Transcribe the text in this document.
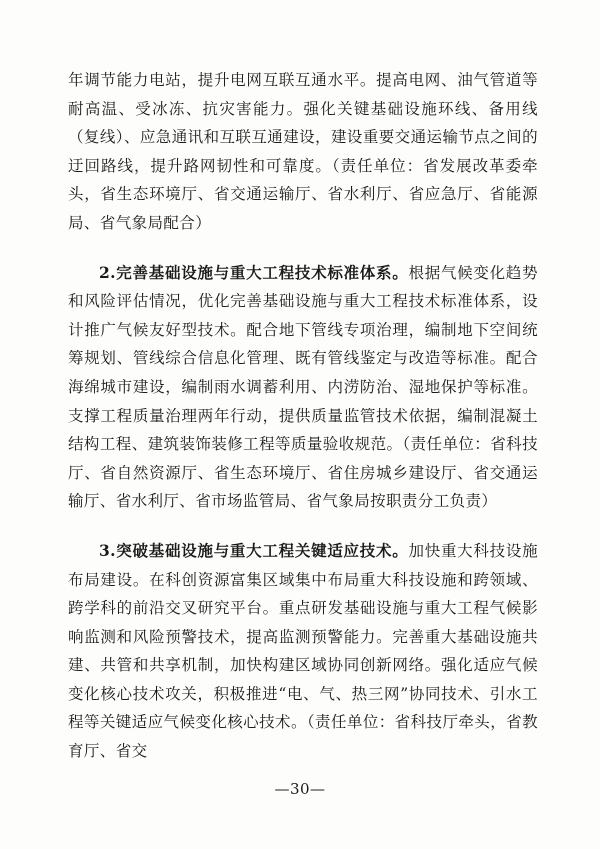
年调节能力电站，提升电网互联互通水平。提高电网、油气管道等耐高温、受冰冻、抗灾害能力。强化关键基础设施环线、备用线（复线）、应急通讯和互联互通建设，建设重要交通运输节点之间的迂回路线，提升路网韧性和可靠度。（责任单位：省发展改革委牵头，省生态环境厅、省交通运输厅、省水利厅、省应急厅、省能源局、省气象局配合）

2.完善基础设施与重大工程技术标准体系。根据气候变化趋势和风险评估情况，优化完善基础设施与重大工程技术标准体系，设计推广气候友好型技术。配合地下管线专项治理，编制地下空间统筹规划、管线综合信息化管理、既有管线鉴定与改造等标准。配合海绵城市建设，编制雨水调蓄利用、内涝防治、湿地保护等标准。支撑工程质量治理两年行动，提供质量监管技术依据，编制混凝土结构工程、建筑装饰装修工程等质量验收规范。（责任单位：省科技厅、省自然资源厅、省生态环境厅、省住房城乡建设厅、省交通运输厅、省水利厅、省市场监管局、省气象局按职责分工负责）

3.突破基础设施与重大工程关键适应技术。加快重大科技设施布局建设。在科创资源富集区域集中布局重大科技设施和跨领域、跨学科的前沿交叉研究平台。重点研发基础设施与重大工程气候影响监测和风险预警技术，提高监测预警能力。完善重大基础设施共建、共管和共享机制，加快构建区域协同创新网络。强化适应气候变化核心技术攻关，积极推进“电、气、热三网”协同技术、引水工程等关键适应气候变化核心技术。（责任单位：省科技厅牵头，省教育厅、省交

—30—
